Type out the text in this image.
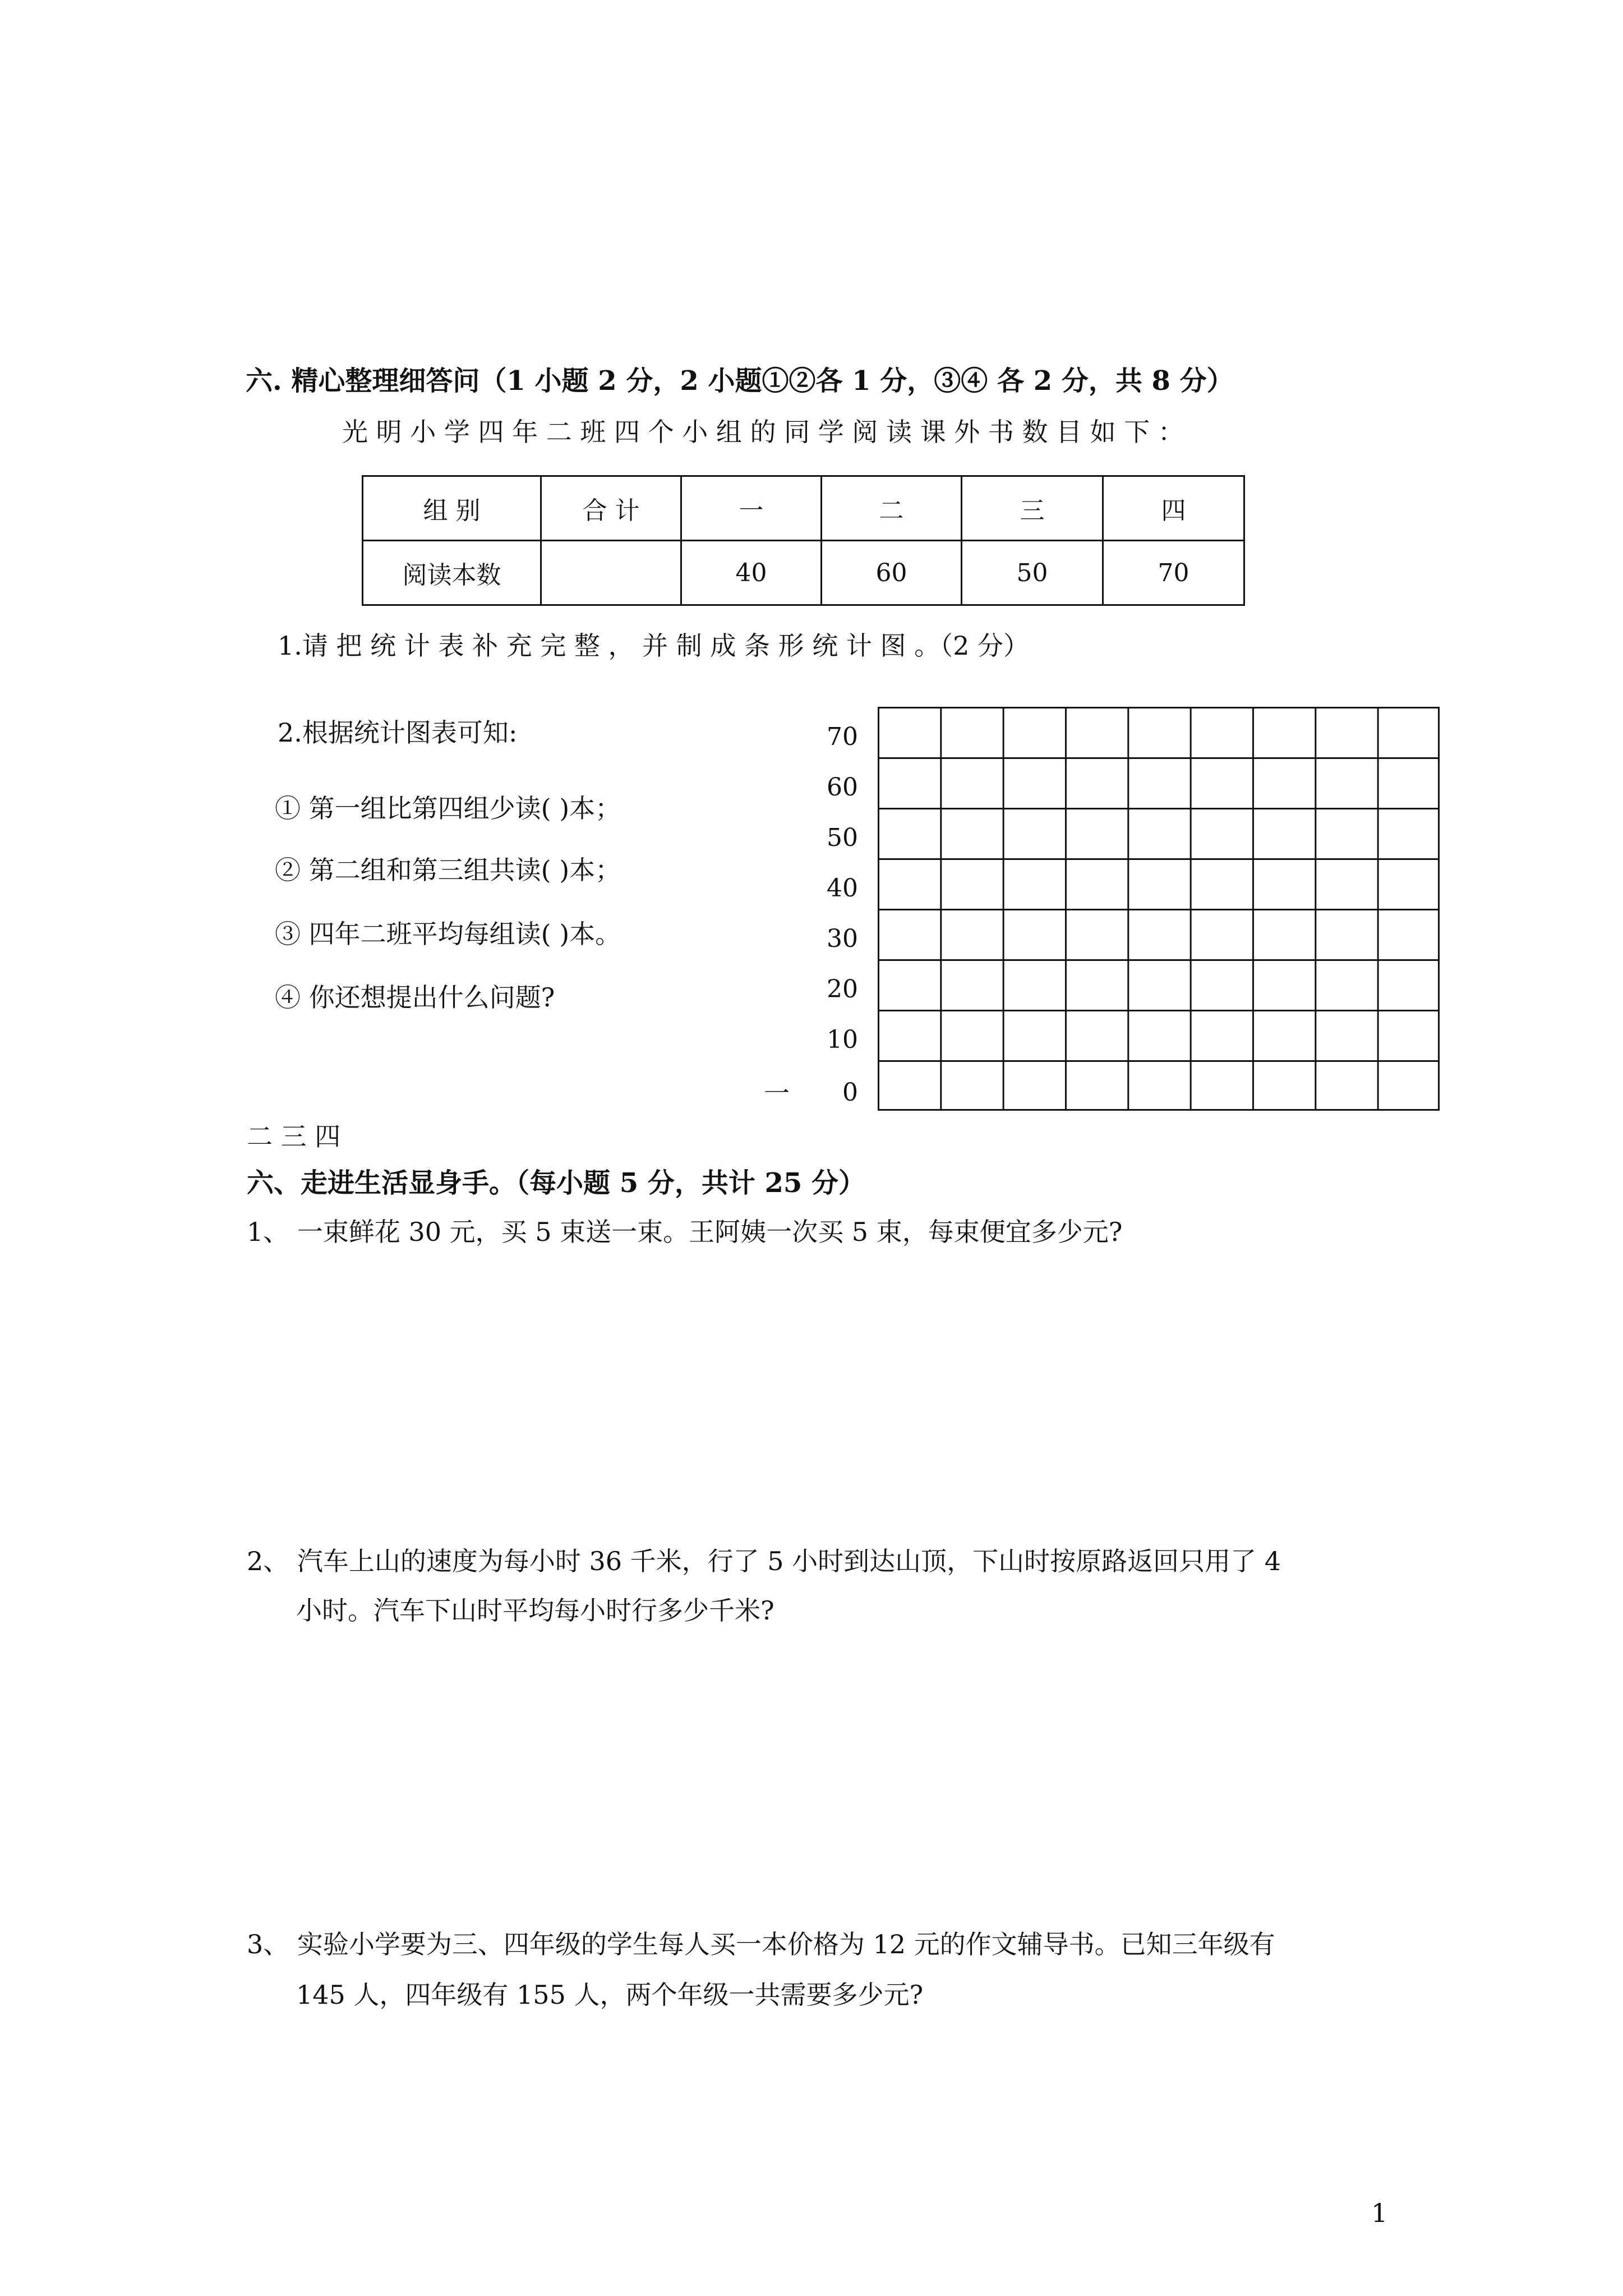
六. 精心整理细答问（1 小题 2 分，2 小题①②各 1 分，③④ 各 2 分，共 8 分）
光 明 小 学 四 年 二 班 四 个 小 组 的 同 学 阅 读 课 外 书 数 目 如 下 ：
组 别	合 计	一	二	三	四
阅读本数		40	60	50	70
1.请 把 统 计 表 补 充 完 整 ， 并 制 成 条 形 统 计 图 。（2 分）
2.根据统计图表可知:
① 第一组比第四组少读( )本；
② 第二组和第三组共读( )本；
③ 四年二班平均每组读( )本。
④ 你还想提出什么问题?
70
60
50
40
30
20
10
0
一
二 三 四
六、走进生活显身手。（每小题 5 分，共计 25 分）
1、 一束鲜花 30 元，买 5 束送一束。王阿姨一次买 5 束，每束便宜多少元?
2、 汽车上山的速度为每小时 36 千米，行了 5 小时到达山顶，下山时按原路返回只用了 4
小时。汽车下山时平均每小时行多少千米?
3、 实验小学要为三、四年级的学生每人买一本价格为 12 元的作文辅导书。已知三年级有
145 人，四年级有 155 人，两个年级一共需要多少元?
1
